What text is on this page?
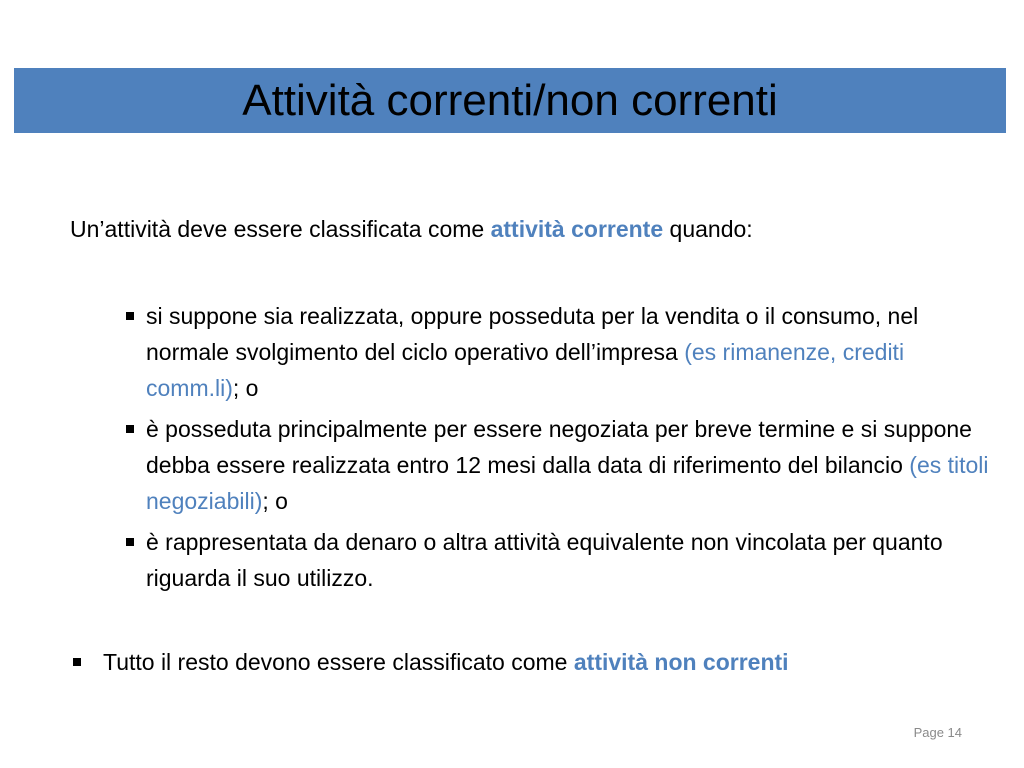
Attività correnti/non correnti
Un’attività deve essere classificata come attività corrente quando:
si suppone sia realizzata, oppure posseduta per la vendita o il consumo, nel normale svolgimento del ciclo operativo dell’impresa (es rimanenze, crediti comm.li); o
è posseduta principalmente per essere negoziata per breve termine e si suppone debba essere realizzata entro 12 mesi dalla data di riferimento del bilancio (es titoli negoziabili); o
è rappresentata da denaro o altra attività equivalente non vincolata per quanto riguarda il suo utilizzo.
Tutto il resto devono essere classificato come attività non correnti
Page 14
